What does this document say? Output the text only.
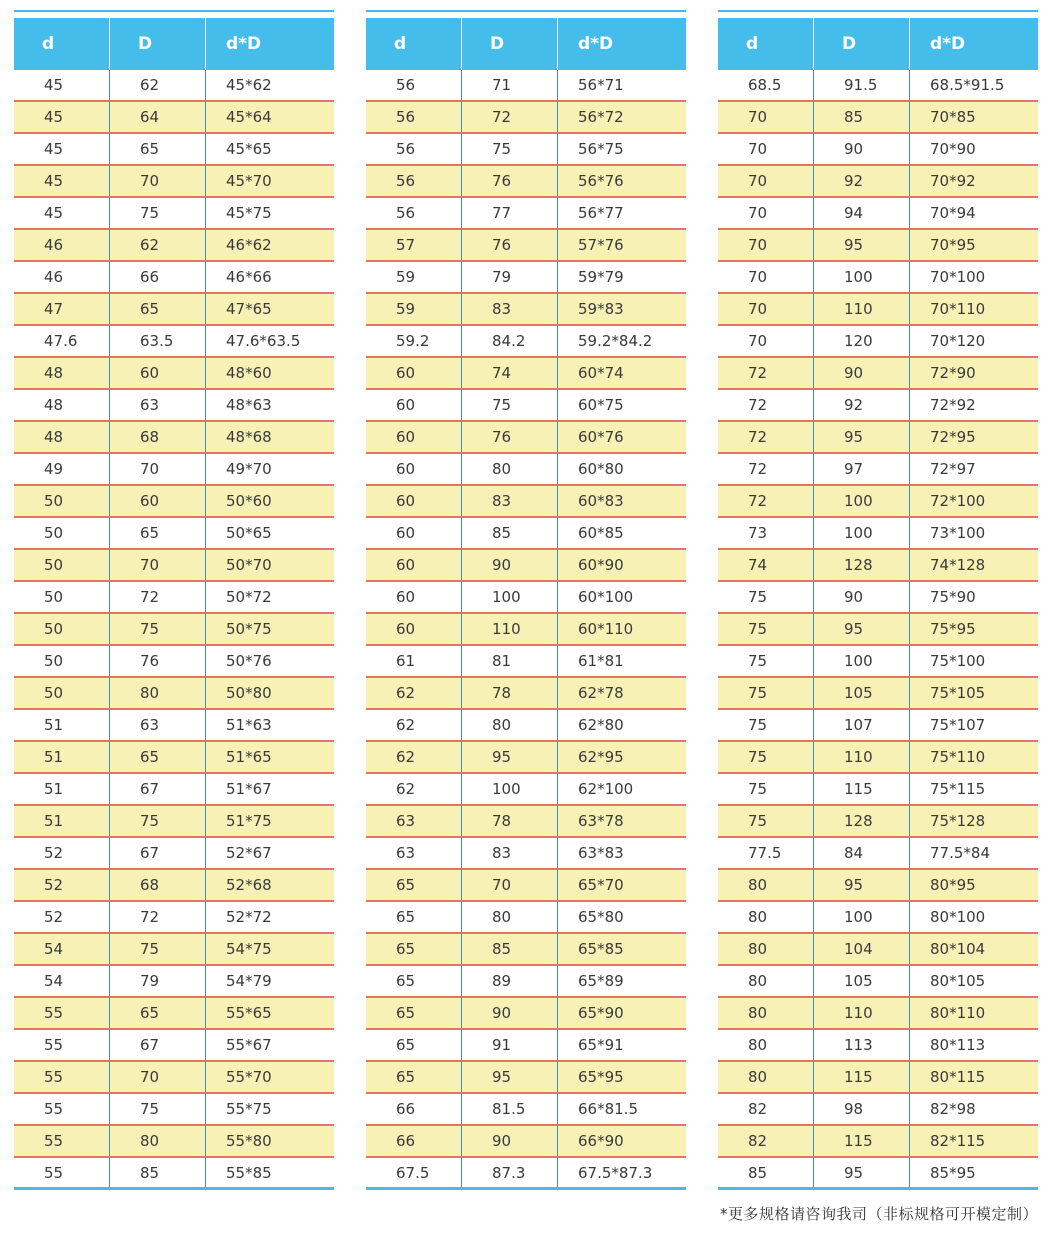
d	D	d*D
45	62	45*62
45	64	45*64
45	65	45*65
45	70	45*70
45	75	45*75
46	62	46*62
46	66	46*66
47	65	47*65
47.6	63.5	47.6*63.5
48	60	48*60
48	63	48*63
48	68	48*68
49	70	49*70
50	60	50*60
50	65	50*65
50	70	50*70
50	72	50*72
50	75	50*75
50	76	50*76
50	80	50*80
51	63	51*63
51	65	51*65
51	67	51*67
51	75	51*75
52	67	52*67
52	68	52*68
52	72	52*72
54	75	54*75
54	79	54*79
55	65	55*65
55	67	55*67
55	70	55*70
55	75	55*75
55	80	55*80
55	85	55*85
d	D	d*D
56	71	56*71
56	72	56*72
56	75	56*75
56	76	56*76
56	77	56*77
57	76	57*76
59	79	59*79
59	83	59*83
59.2	84.2	59.2*84.2
60	74	60*74
60	75	60*75
60	76	60*76
60	80	60*80
60	83	60*83
60	85	60*85
60	90	60*90
60	100	60*100
60	110	60*110
61	81	61*81
62	78	62*78
62	80	62*80
62	95	62*95
62	100	62*100
63	78	63*78
63	83	63*83
65	70	65*70
65	80	65*80
65	85	65*85
65	89	65*89
65	90	65*90
65	91	65*91
65	95	65*95
66	81.5	66*81.5
66	90	66*90
67.5	87.3	67.5*87.3
d	D	d*D
68.5	91.5	68.5*91.5
70	85	70*85
70	90	70*90
70	92	70*92
70	94	70*94
70	95	70*95
70	100	70*100
70	110	70*110
70	120	70*120
72	90	72*90
72	92	72*92
72	95	72*95
72	97	72*97
72	100	72*100
73	100	73*100
74	128	74*128
75	90	75*90
75	95	75*95
75	100	75*100
75	105	75*105
75	107	75*107
75	110	75*110
75	115	75*115
75	128	75*128
77.5	84	77.5*84
80	95	80*95
80	100	80*100
80	104	80*104
80	105	80*105
80	110	80*110
80	113	80*113
80	115	80*115
82	98	82*98
82	115	82*115
85	95	85*95
*更多规格请咨询我司（非标规格可开模定制）
